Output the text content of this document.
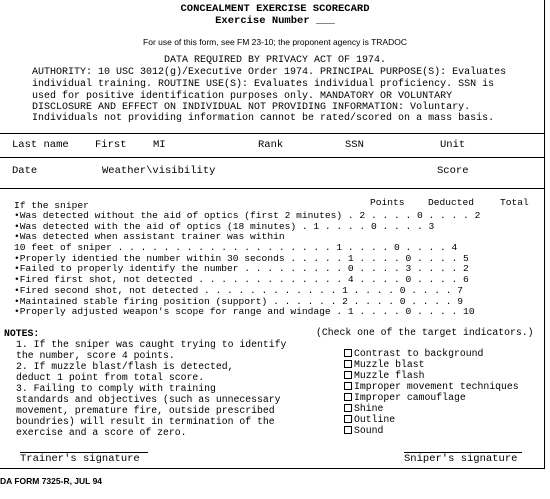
CONCEALMENT EXERCISE SCORECARD
Exercise Number ___
For use of this form, see FM 23-10; the proponent agency is TRADOC
DATA REQUIRED BY PRIVACY ACT OF 1974.
AUTHORITY: 10 USC 3012(g)/Executive Order 1974. PRINCIPAL PURPOSE(S): Evaluates
individual training. ROUTINE USE(S): Evaluates individual proficiency. SSN is
used for positive identification purposes only. MANDATORY OR VOLUNTARY
DISCLOSURE AND EFFECT ON INDIVIDUAL NOT PROVIDING INFORMATION: Voluntary.
Individuals not providing information cannot be rated/scored on a mass basis.
Last name	First	MI	Rank	SSN	Unit
Date	Weather\visibility	Score
If the sniper	Points Deducted	Total
•Was detected without the aid of optics (first 2 minutes) . 2 . . . . 0 . . . . 2
•Was detected with the aid of optics (18 minutes) . 1 . . . . 0 . . . . 3
•Was detected when assistant trainer was within
10 feet of sniper . . . . . . . . . . . . . . . . . . . 1 . . . . 0 . . . . 4
•Properly identied the number within 30 seconds . . . . . 1 . . . . 0 . . . . 5
•Failed to properly identify the number . . . . . . . . . 0 . . . . 3 . . . . 2
•Fired first shot, not detected . . . . . . . . . . . . . 4 . . . . 0 . . . . 6
•Fired second shot, not detected . . . . . . . . . . . . 1 . . . . 0 . . . . 7
•Maintained stable firing position (support) . . . . . . 2 . . . . 0 . . . . 9
•Properly adjusted weapon's scope for range and windage . 1 . . . . 0 . . . . 10
NOTES:
1. If the sniper was caught trying to identify
the number, score 4 points.
2. If muzzle blast/flash is detected,
deduct 1 point from total score.
3. Failing to comply with training
standards and objectives (such as unnecessary
movement, premature fire, outside prescribed
boundries) will result in termination of the
exercise and a score of zero.
(Check one of the target indicators.)
Contrast to background
Muzzle blast
Muzzle flash
Improper movement techniques
Improper camouflage
Shine
Outline
Sound
Trainer's signature	Sniper's signature
DA FORM 7325-R, JUL 94
